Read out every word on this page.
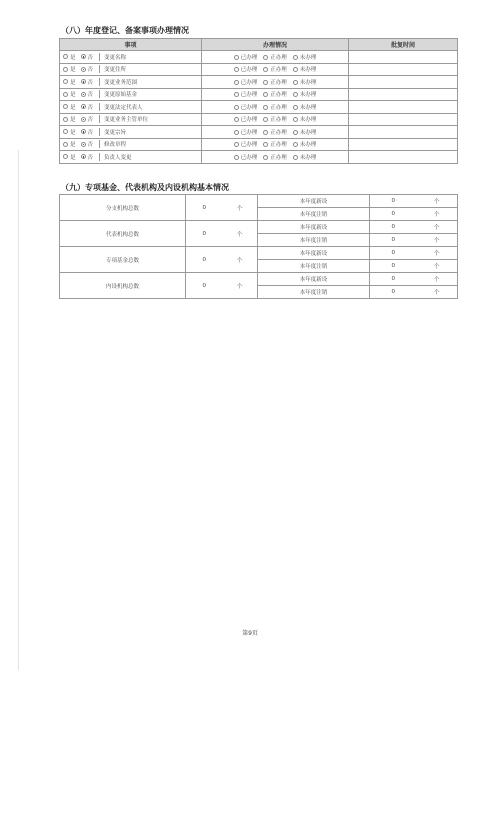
（八）年度登记、备案事项办理情况
事项	办理情况	批复时间
是 否 变更名称	已办理 正办理 未办理	
是 否 变更住所	已办理 正办理 未办理	
是 否 变更业务范围	已办理 正办理 未办理	
是 否 变更原始基金	已办理 正办理 未办理	
是 否 变更法定代表人	已办理 正办理 未办理	
是 否 变更业务主管单位	已办理 正办理 未办理	
是 否 变更宗旨	已办理 正办理 未办理	
是 否 修改章程	已办理 正办理 未办理	
是 否 负责人变更	已办理 正办理 未办理	
（九）专项基金、代表机构及内设机构基本情况
分支机构总数	0	个	本年度新设	0	个
			本年度注销	0	个
代表机构总数	0	个	本年度新设	0	个
			本年度注销	0	个
专项基金总数	0	个	本年度新设	0	个
			本年度注销	0	个
内设机构总数	0	个	本年度新设	0	个
			本年度注销	0	个
第9页
